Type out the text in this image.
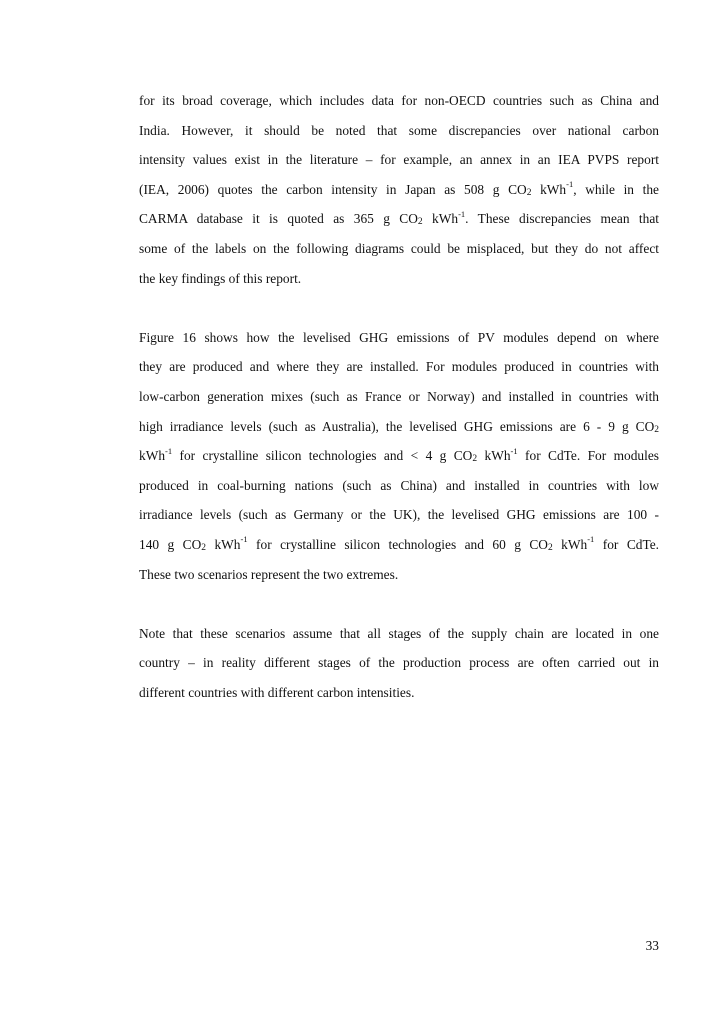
for its broad coverage, which includes data for non-OECD countries such as China and
India. However, it should be noted that some discrepancies over national carbon
intensity values exist in the literature – for example, an annex in an IEA PVPS report
(IEA, 2006) quotes the carbon intensity in Japan as 508 g $CO_2$ kWh$^{-1}$, while in the
CARMA database it is quoted as 365 g $CO_2$ kWh$^{-1}$. These discrepancies mean that
some of the labels on the following diagrams could be misplaced, but they do not affect
the key findings of this report.
Figure 16 shows how the levelised GHG emissions of PV modules depend on where
they are produced and where they are installed. For modules produced in countries with
low-carbon generation mixes (such as France or Norway) and installed in countries with
high irradiance levels (such as Australia), the levelised GHG emissions are 6 - 9 g $CO_2$
kWh$^{-1}$ for crystalline silicon technologies and < 4 g $CO_2$ kWh$^{-1}$ for CdTe. For modules
produced in coal-burning nations (such as China) and installed in countries with low
irradiance levels (such as Germany or the UK), the levelised GHG emissions are 100 -
140 g $CO_2$ kWh$^{-1}$ for crystalline silicon technologies and 60 g $CO_2$ kWh$^{-1}$ for CdTe.
These two scenarios represent the two extremes.
Note that these scenarios assume that all stages of the supply chain are located in one
country – in reality different stages of the production process are often carried out in
different countries with different carbon intensities.
33
